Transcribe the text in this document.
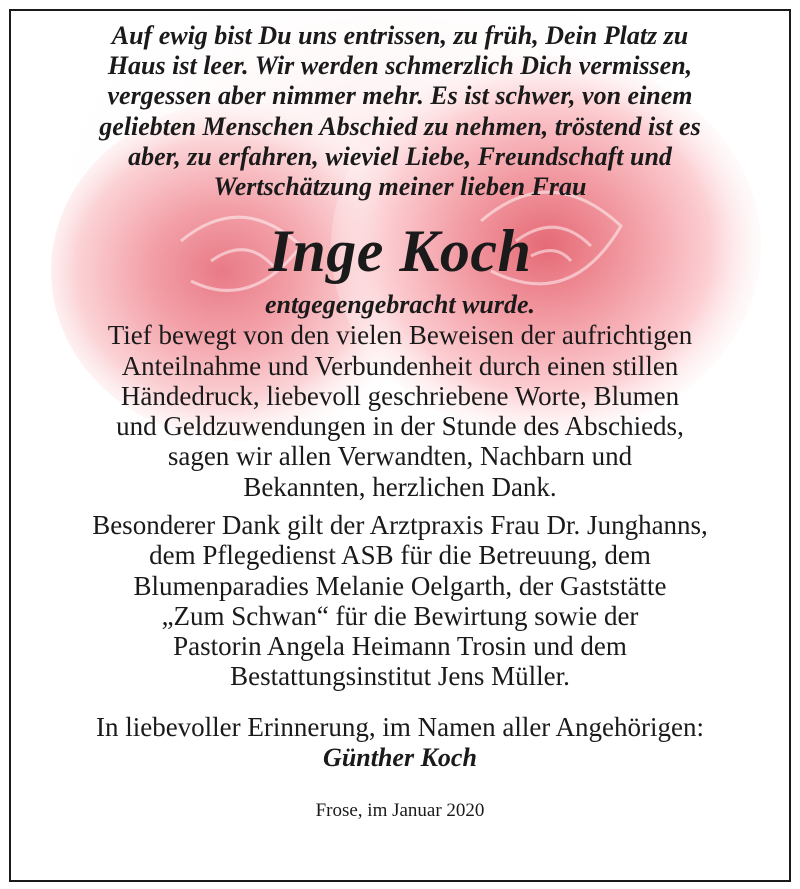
Auf ewig bist Du uns entrissen, zu früh, Dein Platz zu
Haus ist leer. Wir werden schmerzlich Dich vermissen,
vergessen aber nimmer mehr. Es ist schwer, von einem
geliebten Menschen Abschied zu nehmen, tröstend ist es
aber, zu erfahren, wieviel Liebe, Freundschaft und
Wertschätzung meiner lieben Frau
Inge Koch
entgegengebracht wurde.
Tief bewegt von den vielen Beweisen der aufrichtigen
Anteilnahme und Verbundenheit durch einen stillen
Händedruck, liebevoll geschriebene Worte, Blumen
und Geldzuwendungen in der Stunde des Abschieds,
sagen wir allen Verwandten, Nachbarn und
Bekannten, herzlichen Dank.
Besonderer Dank gilt der Arztpraxis Frau Dr. Junghanns,
dem Pflegedienst ASB für die Betreuung, dem
Blumenparadies Melanie Oelgarth, der Gaststätte
„Zum Schwan“ für die Bewirtung sowie der
Pastorin Angela Heimann Trosin und dem
Bestattungsinstitut Jens Müller.
In liebevoller Erinnerung, im Namen aller Angehörigen:
Günther Koch
Frose, im Januar 2020
